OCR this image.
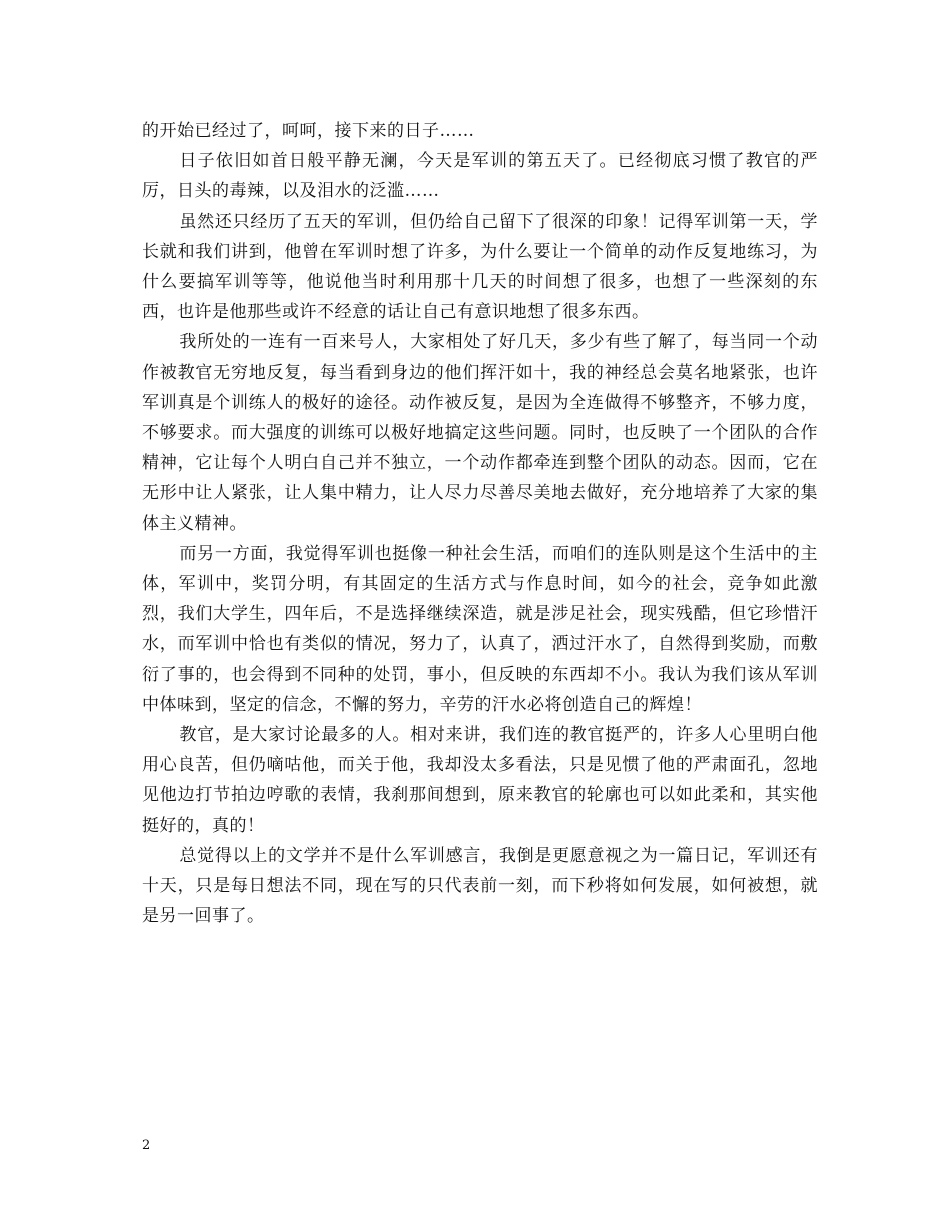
的开始已经过了，呵呵，接下来的日子……

日子依旧如首日般平静无澜，今天是军训的第五天了。已经彻底习惯了教官的严厉，日头的毒辣，以及泪水的泛滥……

虽然还只经历了五天的军训，但仍给自己留下了很深的印象！记得军训第一天，学长就和我们讲到，他曾在军训时想了许多，为什么要让一个简单的动作反复地练习，为什么要搞军训等等，他说他当时利用那十几天的时间想了很多，也想了一些深刻的东西，也许是他那些或许不经意的话让自己有意识地想了很多东西。

我所处的一连有一百来号人，大家相处了好几天，多少有些了解了，每当同一个动作被教官无穷地反复，每当看到身边的他们挥汗如十，我的神经总会莫名地紧张，也许军训真是个训练人的极好的途径。动作被反复，是因为全连做得不够整齐，不够力度，不够要求。而大强度的训练可以极好地搞定这些问题。同时，也反映了一个团队的合作精神，它让每个人明白自己并不独立，一个动作都牵连到整个团队的动态。因而，它在无形中让人紧张，让人集中精力，让人尽力尽善尽美地去做好，充分地培养了大家的集体主义精神。

而另一方面，我觉得军训也挺像一种社会生活，而咱们的连队则是这个生活中的主体，军训中，奖罚分明，有其固定的生活方式与作息时间，如今的社会，竞争如此激烈，我们大学生，四年后，不是选择继续深造，就是涉足社会，现实残酷，但它珍惜汗水，而军训中恰也有类似的情况，努力了，认真了，洒过汗水了，自然得到奖励，而敷衍了事的，也会得到不同种的处罚，事小，但反映的东西却不小。我认为我们该从军训中体味到，坚定的信念，不懈的努力，辛劳的汗水必将创造自己的辉煌！

教官，是大家讨论最多的人。相对来讲，我们连的教官挺严的，许多人心里明白他用心良苦，但仍嘀咕他，而关于他，我却没太多看法，只是见惯了他的严肃面孔，忽地见他边打节拍边哼歌的表情，我刹那间想到，原来教官的轮廓也可以如此柔和，其实他挺好的，真的！

总觉得以上的文学并不是什么军训感言，我倒是更愿意视之为一篇日记，军训还有十天，只是每日想法不同，现在写的只代表前一刻，而下秒将如何发展，如何被想，就是另一回事了。

2
